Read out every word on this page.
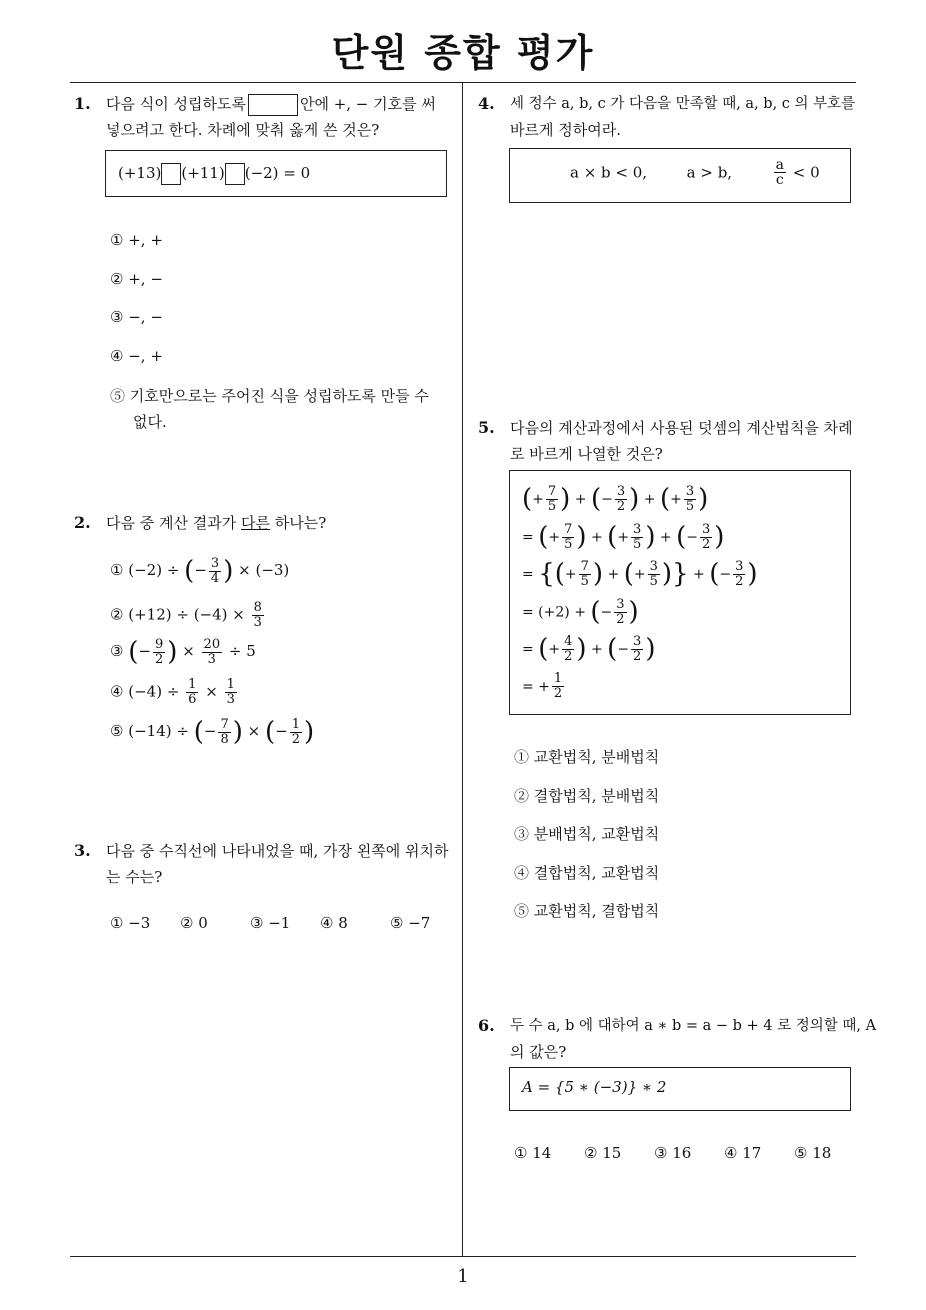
단원 종합 평가
1
1. 다음 식이 성립하도록	안에 +, − 기호를 써
넣으려고 한다. 차례에 맞춰 옳게 쓴 것은?
(+13) (+11) (−2) = 0
① +, +
② +, −
③ −, −
④ −, +
⑤ 기호만으로는 주어진 식을 성립하도록 만들 수
없다.
2. 다음 중 계산 결과가 다른 하나는?
① (−2) ÷ (− $\frac{3}{4}$ ) × (−3)
② $(+12) \div (-4) \times \frac{8}{3}$
③ (− $\frac{9}{2}$ ) × $\frac{20}{3} \div 5$
④ $(-4) \div \frac{1}{6} \times \frac{1}{3}$
⑤ (−14) ÷ (− $\frac{7}{8}$ ) × (− $\frac{1}{2}$ )
3. 다음 중 수직선에 나타내었을 때, 가장 왼쪽에 위치하
는 수는?
① −3 ② 0	③ −1 ④ 8	⑤ −7
4. 세 정수 a, b, c 가 다음을 만족할 때, a, b, c 의 부호를
바르게 정하여라.
a × b < 0,	a > b,	$\frac{a}{c} < 0$
5. 다음의 계산과정에서 사용된 덧셈의 계산법칙을 차례
로 바르게 나열한 것은?
(+ $\frac{7}{5}$ ) + (− $\frac{3}{2}$ ) + (+ $\frac{3}{5}$ )
= (+ $\frac{7}{5}$ ) + (+ $\frac{3}{5}$ ) + (− $\frac{3}{2}$ )
= {(+ $\frac{7}{5}$ ) + (+ $\frac{3}{5}$ )} + (− $\frac{3}{2}$ )
= (+2) + (− $\frac{3}{2}$ )
= (+ $\frac{4}{2}$ ) + (− $\frac{3}{2}$ )
= + $\frac{1}{2}$
① 교환법칙, 분배법칙
② 결합법칙, 분배법칙
③ 분배법칙, 교환법칙
④ 결합법칙, 교환법칙
⑤ 교환법칙, 결합법칙
6. 두 수 a, b 에 대하여 a ∗ b = a − b + 4 로 정의할 때, A
의 값은?
A = {5 ∗ (−3)} ∗ 2
① 14 ② 15 ③ 16 ④ 17 ⑤ 18
